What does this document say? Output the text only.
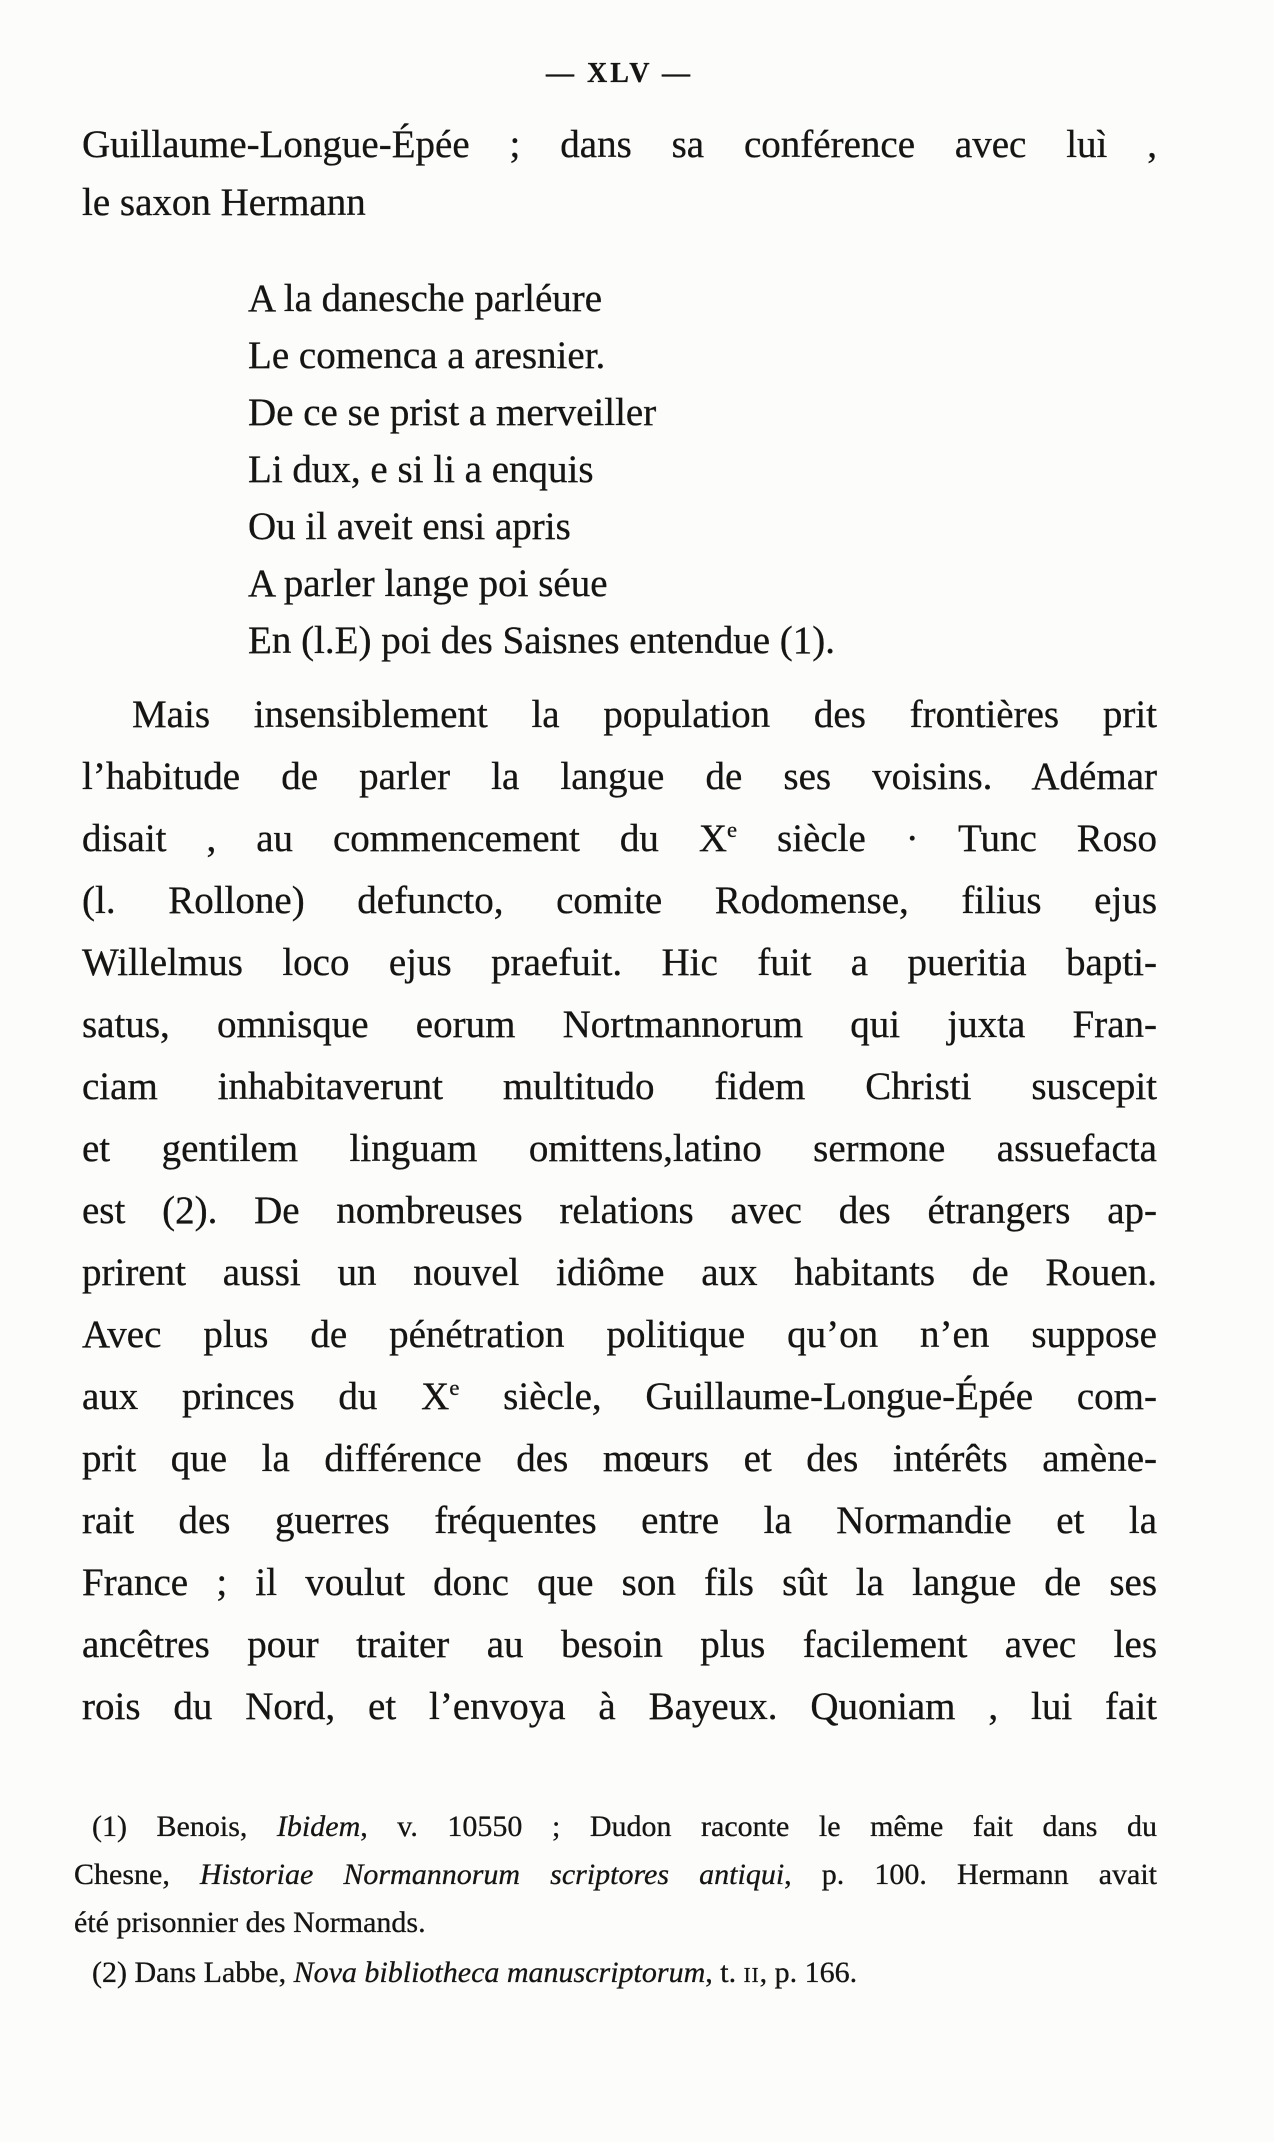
— XLV —
Guillaume-Longue-Épée ; dans sa conférence avec luì ,
le saxon Hermann
A la danesche parléure
Le comenca a aresnier.
De ce se prist a merveiller
Li dux, e si li a enquis
Ou il aveit ensi apris
A parler lange poi séue
En (l.E) poi des Saisnes entendue (1).
Mais insensiblement la population des frontières prit
l’habitude de parler la langue de ses voisins. Adémar
disait , au commencement du Xe siècle · Tunc Roso
(l. Rollone) defuncto, comite Rodomense, filius ejus
Willelmus loco ejus praefuit. Hic fuit a pueritia bapti-
satus, omnisque eorum Nortmannorum qui juxta Fran-
ciam inhabitaverunt multitudo fidem Christi suscepit
et gentilem linguam omittens,latino sermone assuefacta
est (2). De nombreuses relations avec des étrangers ap-
prirent aussi un nouvel idiôme aux habitants de Rouen.
Avec plus de pénétration politique qu’on n’en suppose
aux princes du Xe siècle, Guillaume-Longue-Épée com-
prit que la différence des mœurs et des intérêts amène-
rait des guerres fréquentes entre la Normandie et la
France ; il voulut donc que son fils sût la langue de ses
ancêtres pour traiter au besoin plus facilement avec les
rois du Nord, et l’envoya à Bayeux. Quoniam , lui fait
(1) Benois, Ibidem, v. 10550 ; Dudon raconte le même fait dans du
Chesne, Historiae Normannorum scriptores antiqui, p. 100. Hermann avait
été prisonnier des Normands.
(2) Dans Labbe, Nova bibliotheca manuscriptorum, t. ii, p. 166.
